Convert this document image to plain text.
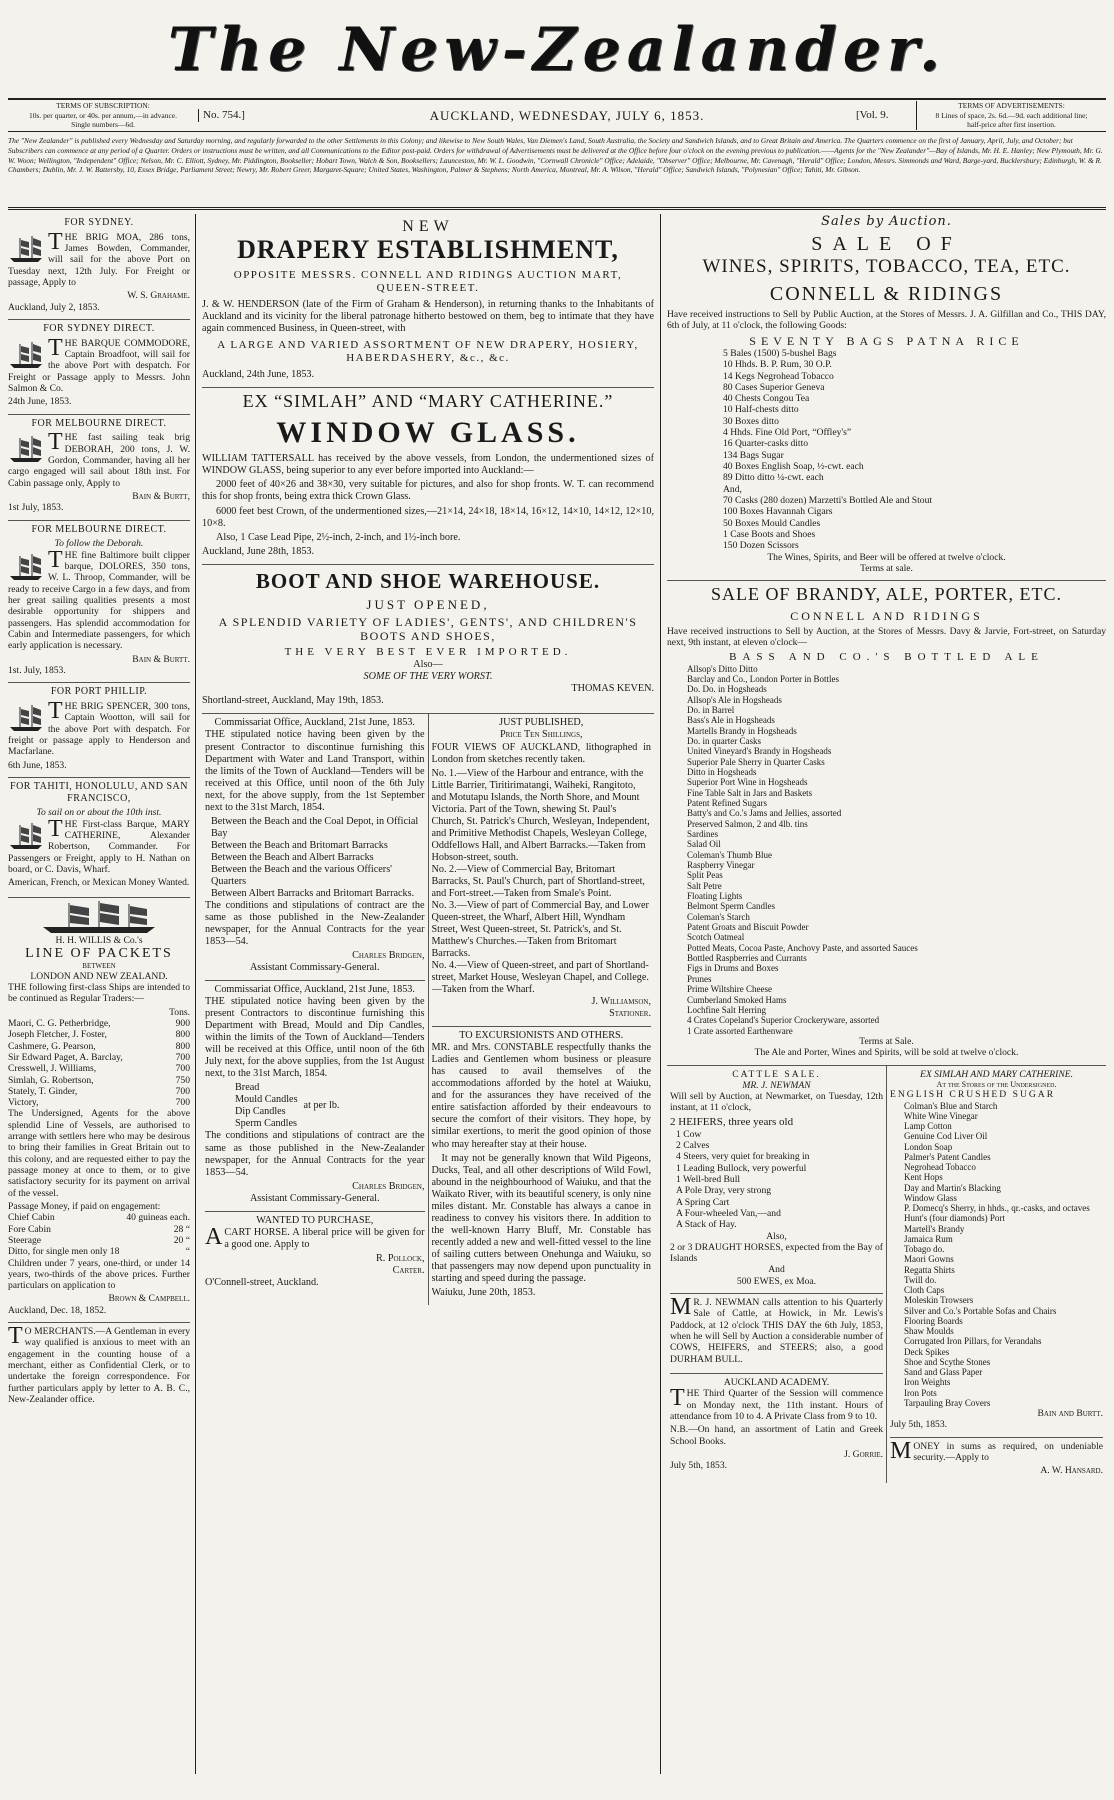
The New-Zealander.
TERMS OF SUBSCRIPTION:
10s. per quarter, or 40s. per annum,—in advance.
Single numbers—6d.
No. 754.]	AUCKLAND, WEDNESDAY, JULY 6, 1853.	[Vol. 9.
TERMS OF ADVERTISEMENTS:
8 Lines of space, 2s. 6d.—9d. each additional line;
half-price after first insertion.
The "New Zealander" is published every Wednesday and Saturday morning, and regularly forwarded to the other Settlements in this Colony; and likewise to New South Wales, Van Diemen's Land, South Australia, the Society and Sandwich Islands, and to Great Britain and America. The Quarters commence on the first of January, April, July, and October; but Subscribers can commence at any period of a Quarter. Orders or instructions must be written, and all Communications to the Editor post-paid. Orders for withdrawal of Advertisements must be delivered at the Office before four o'clock on the evening previous to publication.——Agents for the "New Zealander"—Bay of Islands, Mr. H. E. Hanley; New Plymouth, Mr. G. W. Woon; Wellington, "Independent" Office; Nelson, Mr. C. Elliott, Sydney, Mr. Piddington, Bookseller; Hobart Town, Walch & Son, Booksellers; Launceston, Mr. W. L. Goodwin, "Cornwall Chronicle" Office; Adelaide, "Observer" Office; Melbourne, Mr. Cavenagh, "Herald" Office; London, Messrs. Simmonds and Ward, Barge-yard, Bucklersbury; Edinburgh, W. & R. Chambers; Dublin, Mr. J. W. Battersby, 10, Essex Bridge, Parliament Street; Newry, Mr. Robert Greer, Margaret-Square; United States, Washington, Palmer & Stephens; North America, Montreal, Mr. A. Wilson, "Herald" Office; Sandwich Islands, "Polynesian" Office; Tahiti, Mr. Gibson.
FOR SYDNEY.
T HE BRIG MOA, 286 tons, James Bowden, Commander, will sail for the above Port on Tuesday next, 12th July. For Freight or passage, Apply to

W. S. Grahame.
Auckland, July 2, 1853.
FOR SYDNEY DIRECT.
T HE BARQUE COMMODORE, Captain Broadfoot, will sail for the above Port with despatch. For Freight or Passage apply to Messrs. John Salmon & Co.

24th June, 1853.
FOR MELBOURNE DIRECT.
T HE fast sailing teak brig DEBORAH, 200 tons, J. W. Gordon, Commander, having all her cargo engaged will sail about 18th inst. For Cabin passage only, Apply to

Bain & Burtt,
1st July, 1853.
FOR MELBOURNE DIRECT.
To follow the Deborah.
T HE fine Baltimore built clipper barque, DOLORES, 350 tons, W. L. Throop, Commander, will be ready to receive Cargo in a few days, and from her great sailing qualities presents a most desirable opportunity for shippers and passengers. Has splendid accommodation for Cabin and Intermediate passengers, for which early application is necessary.

Bain & Burtt.
1st. July, 1853.
FOR PORT PHILLIP.
T HE BRIG SPENCER, 300 tons, Captain Wootton, will sail for the above Port with despatch. For freight or passage apply to Henderson and Macfarlane.

6th June, 1853.
FOR TAHITI, HONOLULU, AND SAN FRANCISCO,
To sail on or about the 10th inst.
T HE First-class Barque, MARY CATHERINE, Alexander Robertson, Commander. For Passengers or Freight, apply to H. Nathan on board, or C. Davis, Wharf.

American, French, or Mexican Money Wanted.

H. H. WILLIS & Co.'s
LINE OF PACKETS
BETWEEN
LONDON AND NEW ZEALAND.

THE following first-class Ships are intended to be continued as Regular Traders:—

Tons.
Maori, C. G. Petherbridge,	900
Joseph Fletcher, J. Foster,	800
Cashmere, G. Pearson,	800
Sir Edward Paget, A. Barclay,	700
Cresswell, J. Williams,	700
Simlah, G. Robertson,	750
Stately, T. Ginder,	700
Victory,	700

The Undersigned, Agents for the above splendid Line of Vessels, are authorised to arrange with settlers here who may be desirous to bring their families in Great Britain out to this colony, and are requested either to pay the passage money at once to them, or to give satisfactory security for its payment on arrival of the vessel.

Passage Money, if paid on engagement:
Chief Cabin	40 guineas each.
Fore Cabin	28 “
Steerage	20 “
Ditto, for single men only 18	“

Children under 7 years, one-third, or under 14 years, two-thirds of the above prices. Further particulars on application to

Brown & Campbell.
Auckland, Dec. 18, 1852.
T O MERCHANTS.—A Gentleman in every way qualified is anxious to meet with an engagement in the counting house of a merchant, either as Confidential Clerk, or to undertake the foreign correspondence. For further particulars apply by letter to A. B. C., New-Zealander office.

NEW
DRAPERY ESTABLISHMENT,
OPPOSITE MESSRS. CONNELL AND RIDINGS AUCTION MART, QUEEN-STREET.

J. & W. HENDERSON (late of the Firm of Graham & Henderson), in returning thanks to the Inhabitants of Auckland and its vicinity for the liberal patronage hitherto bestowed on them, beg to intimate that they have again commenced Business, in Queen-street, with

A LARGE AND VARIED ASSORTMENT OF NEW DRAPERY, HOSIERY, HABERDASHERY, &c., &c.
Auckland, 24th June, 1853.
EX “SIMLAH” AND “MARY CATHERINE.”
WINDOW GLASS.

WILLIAM TATTERSALL has received by the above vessels, from London, the undermentioned sizes of WINDOW GLASS, being superior to any ever before imported into Auckland:—

2000 feet of 40×26 and 38×30, very suitable for pictures, and also for shop fronts. W. T. can recommend this for shop fronts, being extra thick Crown Glass.

6000 feet best Crown, of the undermentioned sizes,—21×14, 24×18, 18×14, 16×12, 14×10, 14×12, 12×10, 10×8.

Also, 1 Case Lead Pipe, 2½-inch, 2-inch, and 1½-inch bore.

Auckland, June 28th, 1853.
BOOT AND SHOE WAREHOUSE.
JUST OPENED,
A SPLENDID VARIETY OF LADIES', GENTS', AND CHILDREN'S BOOTS AND SHOES,
THE VERY BEST EVER IMPORTED.
Also—
SOME OF THE VERY WORST.
THOMAS KEVEN.
Shortland-street, Auckland, May 19th, 1853.
Commissariat Office, Auckland, 21st June, 1853.

THE stipulated notice having been given by the present Contractor to discontinue furnishing this Department with Water and Land Transport, within the limits of the Town of Auckland—Tenders will be received at this Office, until noon of the 6th July next, for the above supply, from the 1st September next to the 31st March, 1854.

Between the Beach and the Coal Depot, in Official Bay
Between the Beach and Britomart Barracks
Between the Beach and Albert Barracks
Between the Beach and the various Officers' Quarters
Between Albert Barracks and Britomart Barracks.

The conditions and stipulations of contract are the same as those published in the New-Zealander newspaper, for the Annual Contracts for the year 1853—54.

Charles Bridgen,
Assistant Commissary-General.
Commissariat Office, Auckland, 21st June, 1853.

THE stipulated notice having been given by the present Contractors to discontinue furnishing this Department with Bread, Mould and Dip Candles, within the limits of the Town of Auckland—Tenders will be received at this Office, until noon of the 6th July next, for the above supplies, from the 1st August next, to the 31st March, 1854.

Bread
Mould Candles
Dip Candles
Sperm Candles
at per lb.

The conditions and stipulations of contract are the same as those published in the New-Zealander newspaper, for the Annual Contracts for the year 1853—54.

Charles Bridgen,
Assistant Commissary-General.
WANTED TO PURCHASE,
A CART HORSE. A liberal price will be given for a good one. Apply to

R. Pollock,
Carter.
O'Connell-street, Auckland.
JUST PUBLISHED,
Price Ten Shillings,

FOUR VIEWS OF AUCKLAND, lithographed in London from sketches recently taken.

No. 1.—View of the Harbour and entrance, with the Little Barrier, Tiritirimatangi, Waiheki, Rangitoto, and Motutapu Islands, the North Shore, and Mount Victoria. Part of the Town, shewing St. Paul's Church, St. Patrick's Church, Wesleyan, Independent, and Primitive Methodist Chapels, Wesleyan College, Oddfellows Hall, and Albert Barracks.—Taken from Hobson-street, south.
No. 2.—View of Commercial Bay, Britomart Barracks, St. Paul's Church, part of Shortland-street, and Fort-street.—Taken from Smale's Point.
No. 3.—View of part of Commercial Bay, and Lower Queen-street, the Wharf, Albert Hill, Wyndham Street, West Queen-street, St. Patrick's, and St. Matthew's Churches.—Taken from Britomart Barracks.
No. 4.—View of Queen-street, and part of Shortland-street, Market House, Wesleyan Chapel, and College.—Taken from the Wharf.
J. Williamson,
Stationer.
TO EXCURSIONISTS AND OTHERS.

MR. and Mrs. CONSTABLE respectfully thanks the Ladies and Gentlemen whom business or pleasure has caused to avail themselves of the accommodations afforded by the hotel at Waiuku, and for the assurances they have received of the entire satisfaction afforded by their endeavours to secure the comfort of their visitors. They hope, by similar exertions, to merit the good opinion of those who may hereafter stay at their house.

It may not be generally known that Wild Pigeons, Ducks, Teal, and all other descriptions of Wild Fowl, abound in the neighbourhood of Waiuku, and that the Waikato River, with its beautiful scenery, is only nine miles distant. Mr. Constable has always a canoe in readiness to convey his visitors there. In addition to the well-known Harry Bluff, Mr. Constable has recently added a new and well-fitted vessel to the line of sailing cutters between Onehunga and Waiuku, so that passengers may now depend upon punctuality in starting and speed during the passage.

Waiuku, June 20th, 1853.
Sales by Auction.
SALE OF
WINES, SPIRITS, TOBACCO, TEA, ETC.
CONNELL & RIDINGS

Have received instructions to Sell by Public Auction, at the Stores of Messrs. J. A. Gilfillan and Co., THIS DAY, 6th of July, at 11 o'clock, the following Goods:

SEVENTY BAGS PATNA RICE
5 Bales (1500) 5-bushel Bags
10 Hhds. B. P. Rum, 30 O.P.
14 Kegs Negrohead Tobacco
80 Cases Superior Geneva
40 Chests Congou Tea
10 Half-chests ditto
30 Boxes ditto
4 Hhds. Fine Old Port, “Offley's”
16 Quarter-casks ditto
134 Bags Sugar
40 Boxes English Soap, ½-cwt. each
89 Ditto ditto ¼-cwt. each
And,
70 Casks (280 dozen) Marzetti's Bottled Ale and Stout
100 Boxes Havannah Cigars
50 Boxes Mould Candles
1 Case Boots and Shoes
150 Dozen Scissors
The Wines, Spirits, and Beer will be offered at twelve o'clock.
Terms at sale.
SALE OF BRANDY, ALE, PORTER, ETC.
CONNELL AND RIDINGS

Have received instructions to Sell by Auction, at the Stores of Messrs. Davy & Jarvie, Fort-street, on Saturday next, 9th instant, at eleven o'clock—

BASS AND CO.'S BOTTLED ALE
Allsop's Ditto Ditto
Barclay and Co., London Porter in Bottles
Do. Do. in Hogsheads
Allsop's Ale in Hogsheads
Do. in Barrel
Bass's Ale in Hogsheads
Martells Brandy in Hogsheads
Do. in quarter Casks
United Vineyard's Brandy in Hogsheads
Superior Pale Sherry in Quarter Casks
Ditto in Hogsheads
Superior Port Wine in Hogsheads
Fine Table Salt in Jars and Baskets
Patent Refined Sugars
Batty's and Co.'s Jams and Jellies, assorted
Preserved Salmon, 2 and 4lb. tins
Sardines
Salad Oil
Coleman's Thumb Blue
Raspberry Vinegar
Split Peas
Salt Petre
Floating Lights
Belmont Sperm Candles
Coleman's Starch
Patent Groats and Biscuit Powder
Scotch Oatmeal
Potted Meats, Cocoa Paste, Anchovy Paste, and assorted Sauces
Bottled Raspberries and Currants
Figs in Drums and Boxes
Prunes
Prime Wiltshire Cheese
Cumberland Smoked Hams
Lochfine Salt Herring
4 Crates Copeland's Superior Crockeryware, assorted
1 Crate assorted Earthenware
Terms at Sale.
The Ale and Porter, Wines and Spirits, will be sold at twelve o'clock.
CATTLE SALE.
MR. J. NEWMAN

Will sell by Auction, at Newmarket, on Tuesday, 12th instant, at 11 o'clock,

2 HEIFERS, three years old
1 Cow
2 Calves
4 Steers, very quiet for breaking in
1 Leading Bullock, very powerful
1 Well-bred Bull
A Pole Dray, very strong
A Spring Cart
A Four-wheeled Van,—and
A Stack of Hay.
Also,
2 or 3 DRAUGHT HORSES, expected from the Bay of Islands
And
500 EWES, ex Moa.
M R. J. NEWMAN calls attention to his Quarterly Sale of Cattle, at Howick, in Mr. Lewis's Paddock, at 12 o'clock THIS DAY the 6th July, 1853, when he will Sell by Auction a considerable number of COWS, HEIFERS, and STEERS; also, a good DURHAM BULL.

AUCKLAND ACADEMY.
T HE Third Quarter of the Session will commence on Monday next, the 11th instant. Hours of attendance from 10 to 4. A Private Class from 9 to 10.

N.B.—On hand, an assortment of Latin and Greek School Books.

J. Gorrie.
July 5th, 1853.
EX SIMLAH AND MARY CATHERINE.
At the Stores of the Undersigned.
ENGLISH CRUSHED SUGAR
Colman's Blue and Starch
White Wine Vinegar
Lamp Cotton
Genuine Cod Liver Oil
London Soap
Palmer's Patent Candles
Negrohead Tobacco
Kent Hops
Day and Martin's Blacking
Window Glass
P. Domecq's Sherry, in hhds., qr.-casks, and octaves
Hunt's (four diamonds) Port
Martell's Brandy
Jamaica Rum
Tobago do.
Maori Gowns
Regatta Shirts
Twill do.
Cloth Caps
Moleskin Trowsers
Silver and Co.'s Portable Sofas and Chairs
Flooring Boards
Shaw Moulds
Corrugated Iron Pillars, for Verandahs
Deck Spikes
Shoe and Scythe Stones
Sand and Glass Paper
Iron Weights
Iron Pots
Tarpauling Bray Covers
Bain and Burtt.
July 5th, 1853.
M ONEY in sums as required, on undeniable security.—Apply to

A. W. Hansard.
